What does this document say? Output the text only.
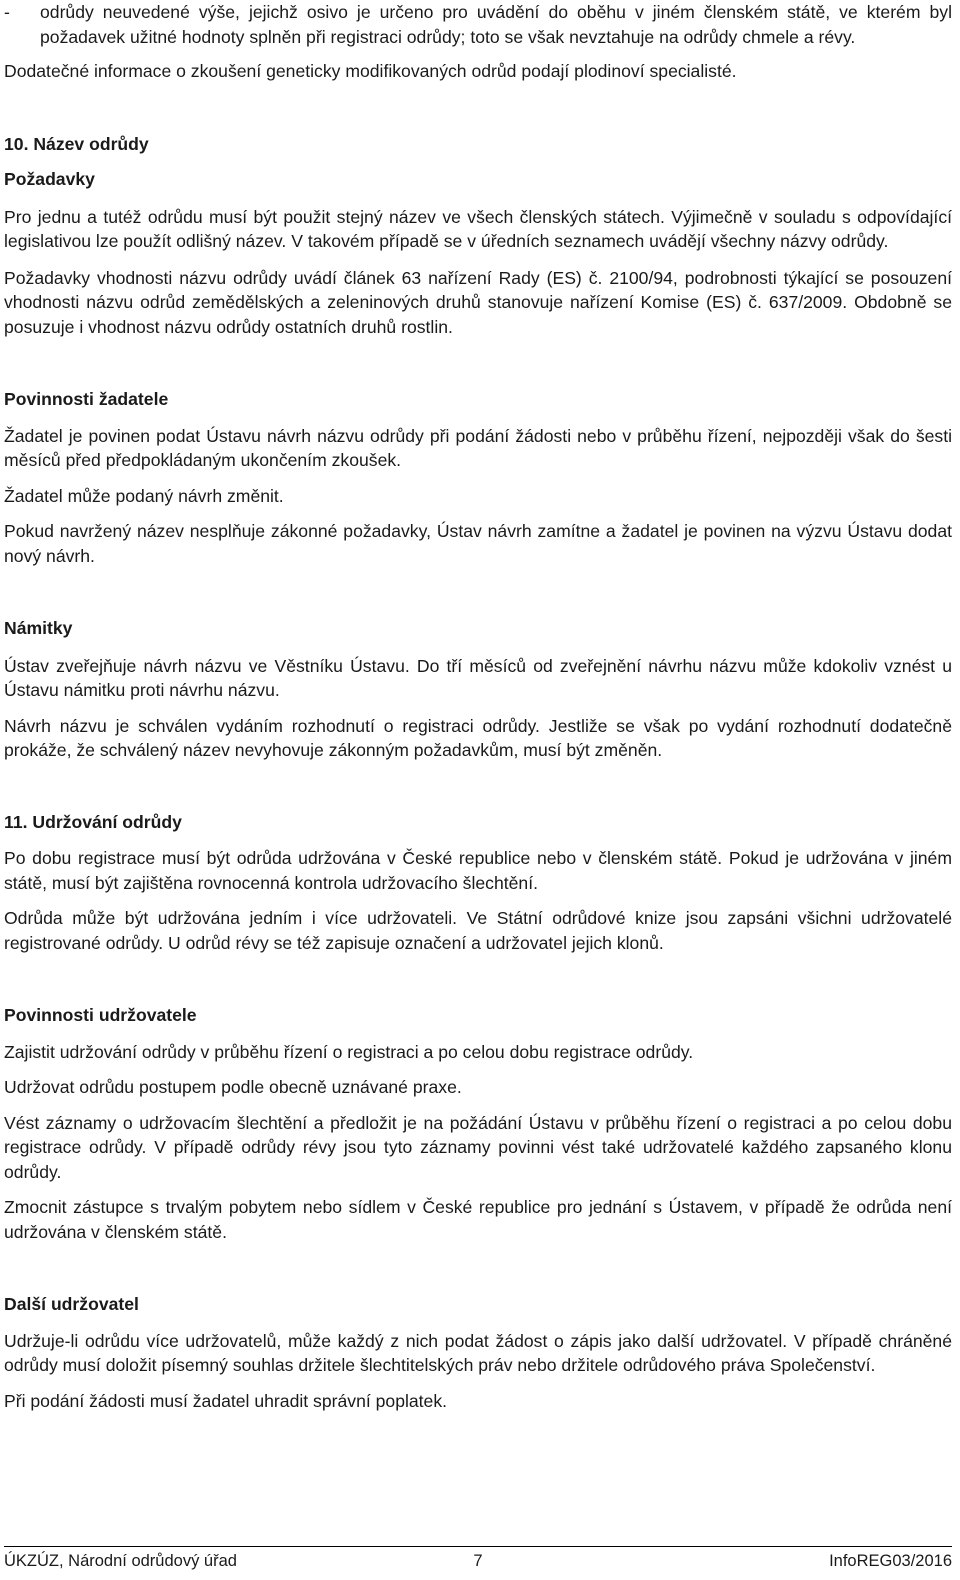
-	odrůdy neuvedené výše, jejichž osivo je určeno pro uvádění do oběhu v jiném členském státě, ve kterém byl požadavek užitné hodnoty splněn při registraci odrůdy; toto se však nevztahuje na odrůdy chmele a révy.

Dodatečné informace o zkoušení geneticky modifikovaných odrůd podají plodinoví specialisté.

10. Název odrůdy

Požadavky

Pro jednu a tutéž odrůdu musí být použit stejný název ve všech členských státech. Výjimečně v souladu s odpovídající legislativou lze použít odlišný název. V takovém případě se v úředních seznamech uvádějí všechny názvy odrůdy.

Požadavky vhodnosti názvu odrůdy uvádí článek 63 nařízení Rady (ES) č. 2100/94, podrobnosti týkající se posouzení vhodnosti názvu odrůd zemědělských a zeleninových druhů stanovuje nařízení Komise (ES) č. 637/2009. Obdobně se posuzuje i vhodnost názvu odrůdy ostatních druhů rostlin.

Povinnosti žadatele

Žadatel je povinen podat Ústavu návrh názvu odrůdy při podání žádosti nebo v průběhu řízení, nejpozději však do šesti měsíců před předpokládaným ukončením zkoušek.

Žadatel může podaný návrh změnit.

Pokud navržený název nesplňuje zákonné požadavky, Ústav návrh zamítne a žadatel je povinen na výzvu Ústavu dodat nový návrh.

Námitky

Ústav zveřejňuje návrh názvu ve Věstníku Ústavu. Do tří měsíců od zveřejnění návrhu názvu může kdokoliv vznést u Ústavu námitku proti návrhu názvu.

Návrh názvu je schválen vydáním rozhodnutí o registraci odrůdy. Jestliže se však po vydání rozhodnutí dodatečně prokáže, že schválený název nevyhovuje zákonným požadavkům, musí být změněn.

11. Udržování odrůdy

Po dobu registrace musí být odrůda udržována v České republice nebo v členském státě. Pokud je udržována v jiném státě, musí být zajištěna rovnocenná kontrola udržovacího šlechtění.

Odrůda může být udržována jedním i více udržovateli. Ve Státní odrůdové knize jsou zapsáni všichni udržovatelé registrované odrůdy. U odrůd révy se též zapisuje označení a udržovatel jejich klonů.

Povinnosti udržovatele

Zajistit udržování odrůdy v průběhu řízení o registraci a po celou dobu registrace odrůdy.

Udržovat odrůdu postupem podle obecně uznávané praxe.

Vést záznamy o udržovacím šlechtění a předložit je na požádání Ústavu v průběhu řízení o registraci a po celou dobu registrace odrůdy. V případě odrůdy révy jsou tyto záznamy povinni vést také udržovatelé každého zapsaného klonu odrůdy.

Zmocnit zástupce s trvalým pobytem nebo sídlem v České republice pro jednání s Ústavem, v případě že odrůda není udržována v členském státě.

Další udržovatel

Udržuje-li odrůdu více udržovatelů, může každý z nich podat žádost o zápis jako další udržovatel. V případě chráněné odrůdy musí doložit písemný souhlas držitele šlechtitelských práv nebo držitele odrůdového práva Společenství.

Při podání žádosti musí žadatel uhradit správní poplatek.

ÚKZÚZ, Národní odrůdový úřad	7	InfoREG03/2016
